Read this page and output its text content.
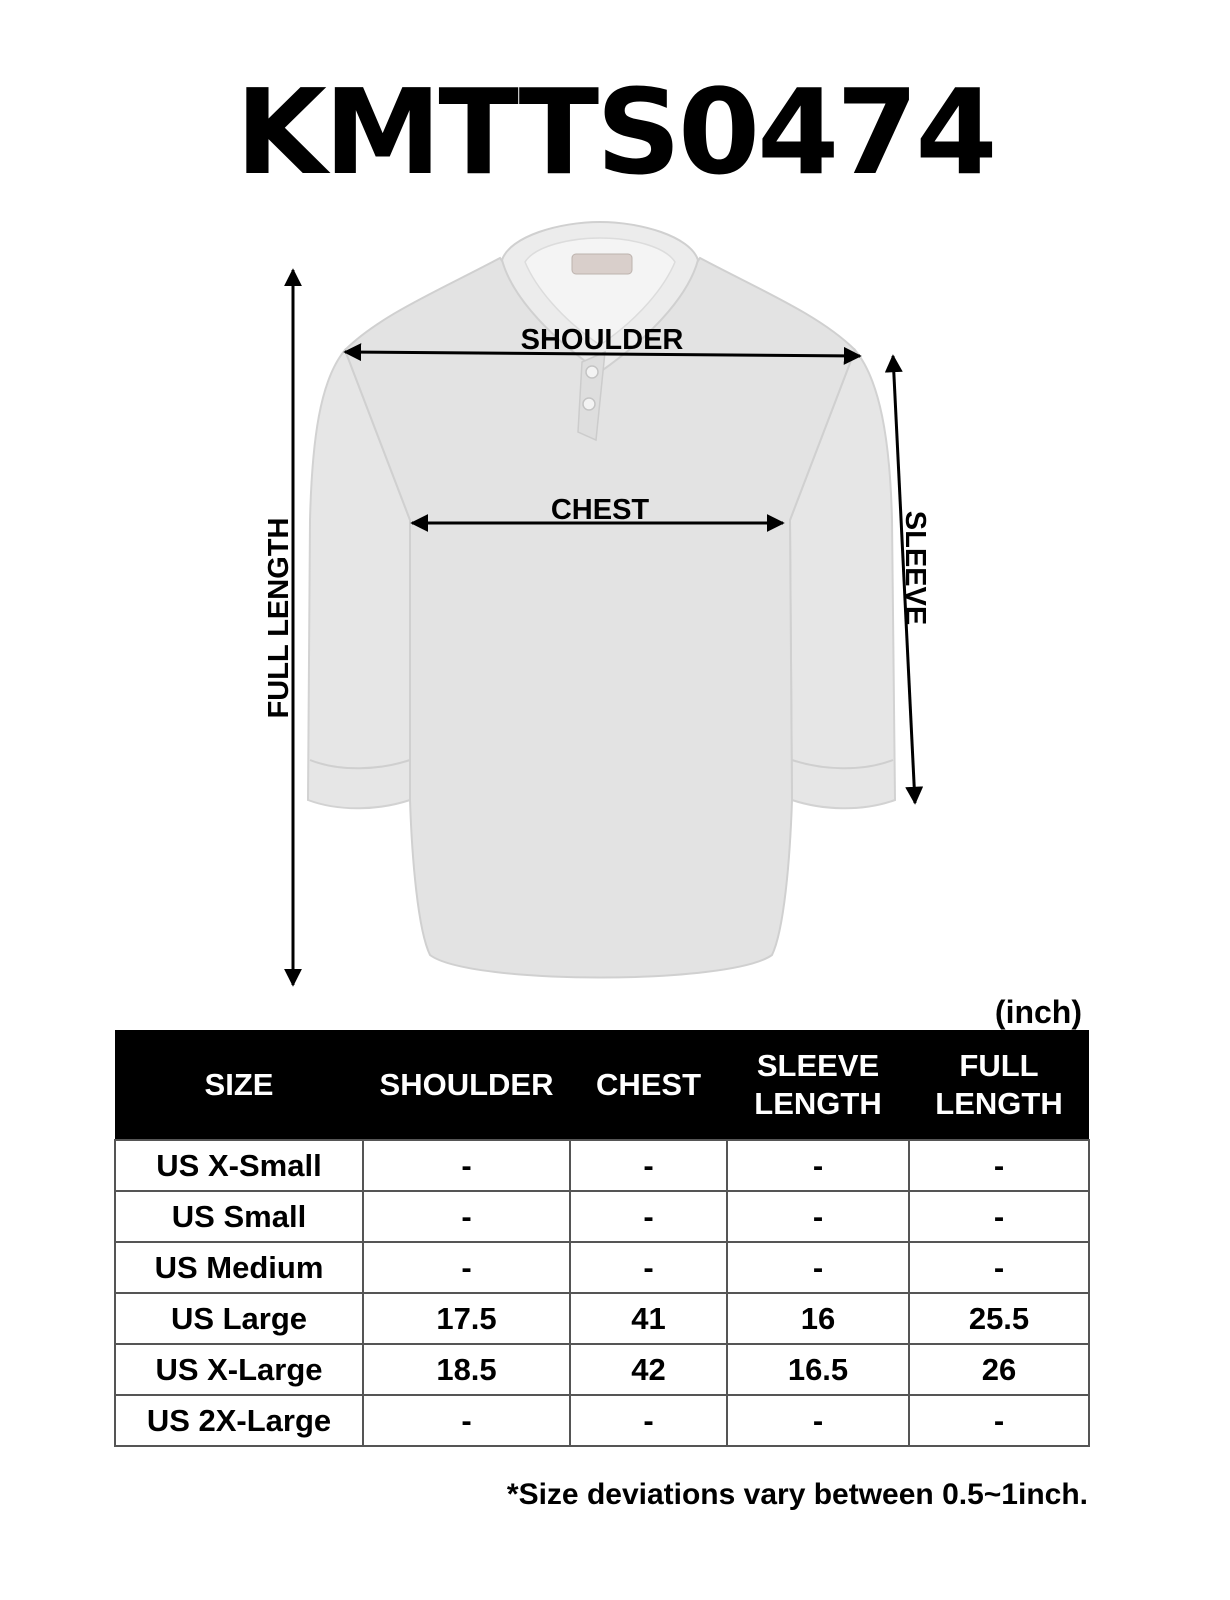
KMTTS0474
SHOULDER
CHEST
FULL LENGTH	SLEEVE
(inch)
SIZE	SHOULDER	CHEST	SLEEVE LENGTH	FULL LENGTH

US X-Small	-	-	-	-
US Small	-	-	-	-
US Medium	-	-	-	-
US Large	17.5	41	16	25.5
US X-Large	18.5	42	16.5	26
US 2X-Large	-	-	-	-
*Size deviations vary between 0.5~1inch.
